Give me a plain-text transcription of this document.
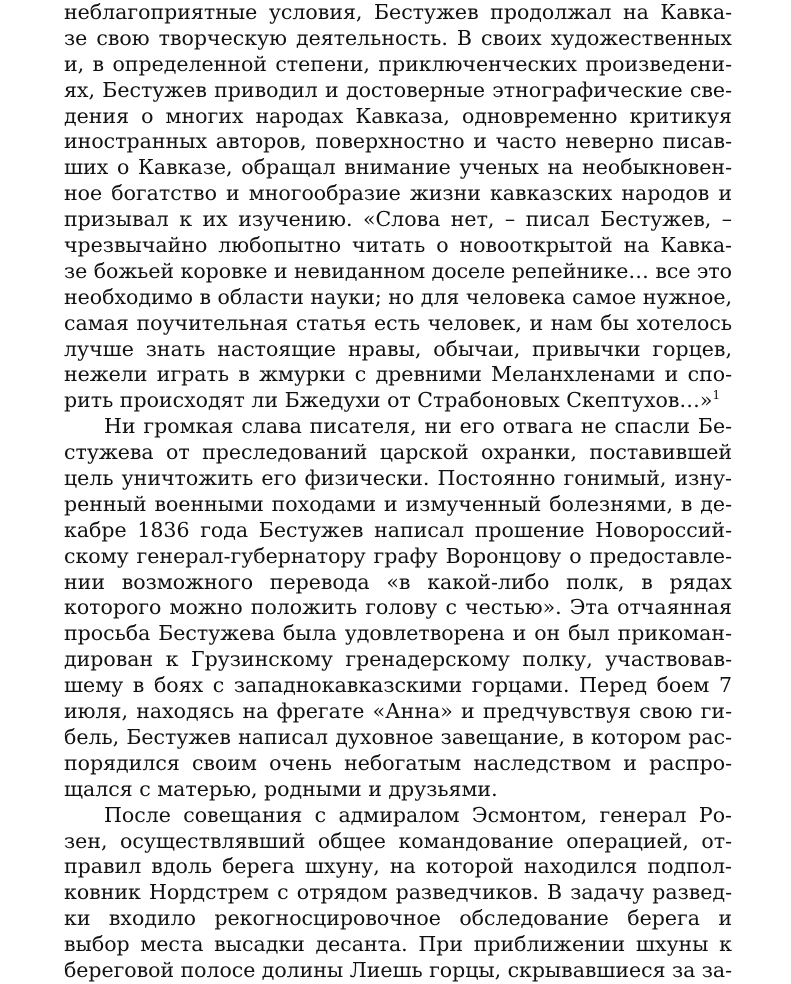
неблагоприятные условия, Бестужев продолжал на Кавка-
зе свою творческую деятельность. В своих художественных
и, в определенной степени, приключенческих произведени-
ях, Бестужев приводил и достоверные этнографические све-
дения о многих народах Кавказа, одновременно критикуя
иностранных авторов, поверхностно и часто неверно писав-
ших о Кавказе, обращал внимание ученых на необыкновен-
ное богатство и многообразие жизни кавказских народов и
призывал к их изучению. «Слова нет, – писал Бестужев, –
чрезвычайно любопытно читать о новооткрытой на Кавка-
зе божьей коровке и невиданном доселе репейнике… все это
необходимо в области науки; но для человека самое нужное,
самая поучительная статья есть человек, и нам бы хотелось
лучше знать настоящие нравы, обычаи, привычки горцев,
нежели играть в жмурки с древними Меланхленами и спо-
рить происходят ли Бжедухи от Страбоновых Скептухов…»$^1$
Ни громкая слава писателя, ни его отвага не спасли Бе-
стужева от преследований царской охранки, поставившей
цель уничтожить его физически. Постоянно гонимый, изну-
ренный военными походами и измученный болезнями, в де-
кабре 1836 года Бестужев написал прошение Новороссий-
скому генерал-губернатору графу Воронцову о предоставле-
нии возможного перевода «в какой-либо полк, в рядах
которого можно положить голову с честью». Эта отчаянная
просьба Бестужева была удовлетворена и он был прикоман-
дирован к Грузинскому гренадерскому полку, участвовав-
шему в боях с западнокавказскими горцами. Перед боем 7
июля, находясь на фрегате «Анна» и предчувствуя свою ги-
бель, Бестужев написал духовное завещание, в котором рас-
порядился своим очень небогатым наследством и распро-
щался с матерью, родными и друзьями.
После совещания с адмиралом Эсмонтом, генерал Ро-
зен, осуществлявший общее командование операцией, от-
правил вдоль берега шхуну, на которой находился подпол-
ковник Нордстрем с отрядом разведчиков. В задачу развед-
ки входило рекогносцировочное обследование берега и
выбор места высадки десанта. При приближении шхуны к
береговой полосе долины Лиешь горцы, скрывавшиеся за за-
